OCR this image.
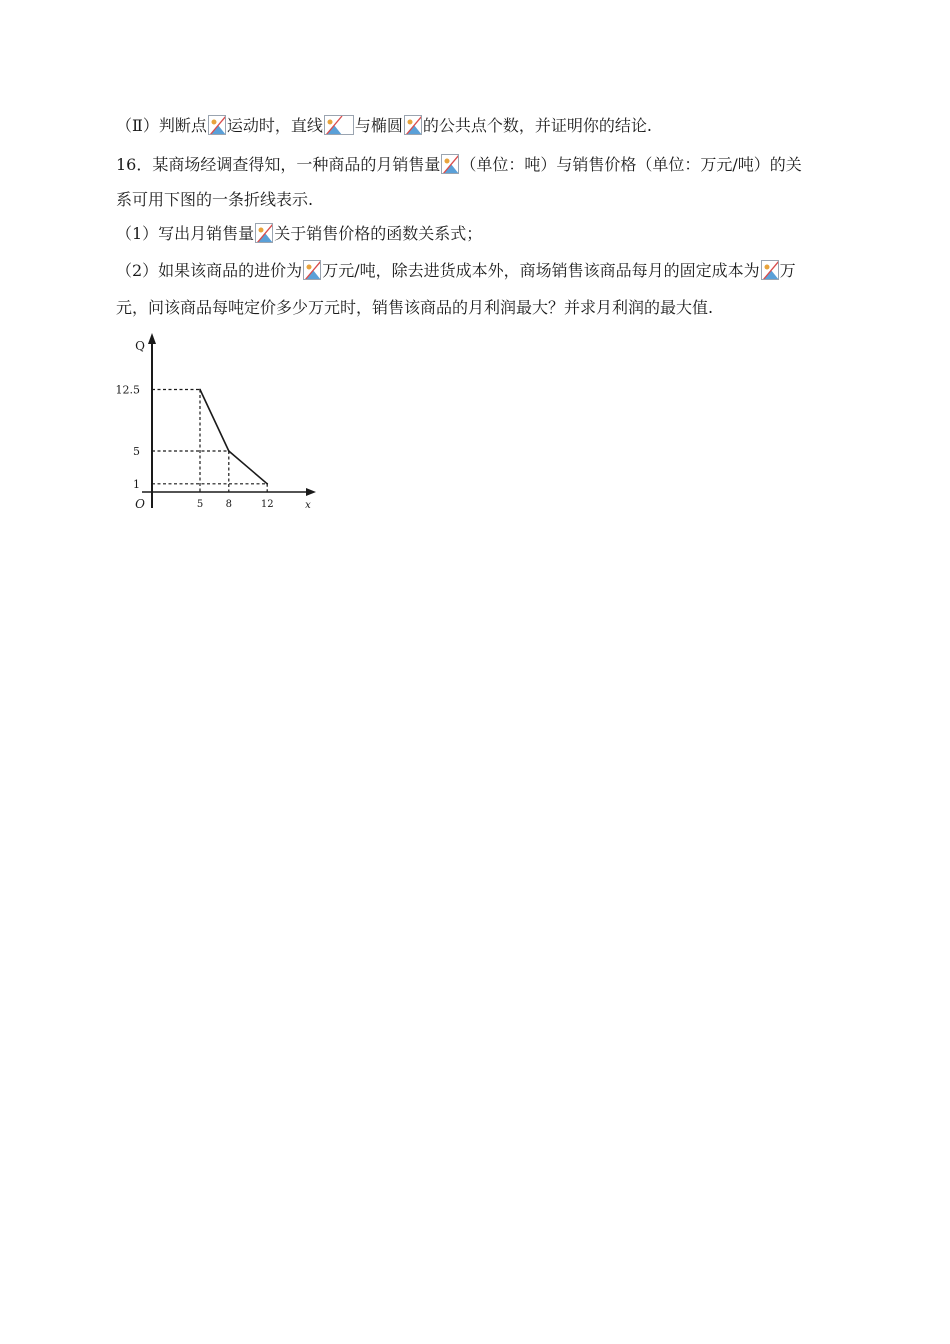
（Ⅱ）判断点 运动时，直线 与椭圆 的公共点个数，并证明你的结论.
16．某商场经调查得知，一种商品的月销售量 （单位：吨）与销售价格（单位：万元/吨）的关
系可用下图的一条折线表示.
（1）写出月销售量 关于销售价格的函数关系式；
（2）如果该商品的进价为 万元/吨，除去进货成本外，商场销售该商品每月的固定成本为 万
元，问该商品每吨定价多少万元时，销售该商品的月利润最大？并求月利润的最大值.
5 8	12
12.5
5
1
Q
x
O
